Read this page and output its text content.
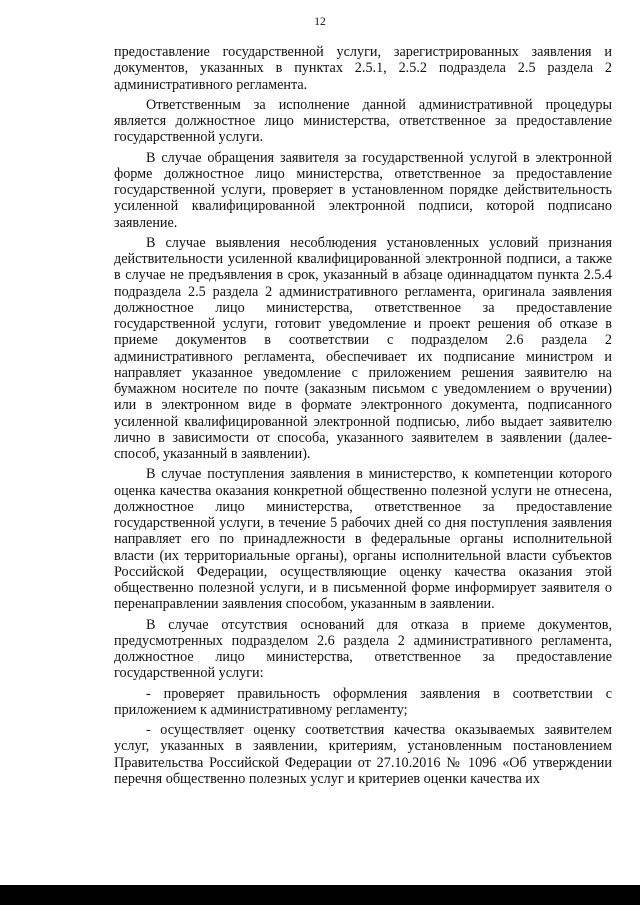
12

предоставление государственной услуги, зарегистрированных заявления и документов, указанных в пунктах 2.5.1, 2.5.2 подраздела 2.5 раздела 2 административного регламента.

Ответственным за исполнение данной административной процедуры является должностное лицо министерства, ответственное за предоставление государственной услуги.

В случае обращения заявителя за государственной услугой в электронной форме должностное лицо министерства, ответственное за предоставление государственной услуги, проверяет в установленном порядке действительность усиленной квалифицированной электронной подписи, которой подписано заявление.

В случае выявления несоблюдения установленных условий признания действительности усиленной квалифицированной электронной подписи, а также в случае не предъявления в срок, указанный в абзаце одиннадцатом пункта 2.5.4 подраздела 2.5 раздела 2 административного регламента, оригинала заявления должностное лицо министерства, ответственное за предоставление государственной услуги, готовит уведомление и проект решения об отказе в приеме документов в соответствии с подразделом 2.6 раздела 2 административного регламента, обеспечивает их подписание министром и направляет указанное уведомление с приложением решения заявителю на бумажном носителе по почте (заказным письмом с уведомлением о вручении) или в электронном виде в формате электронного документа, подписанного усиленной квалифицированной электронной подписью, либо выдает заявителю лично в зависимости от способа, указанного заявителем в заявлении (далее-способ, указанный в заявлении).

В случае поступления заявления в министерство, к компетенции которого оценка качества оказания конкретной общественно полезной услуги не отнесена, должностное лицо министерства, ответственное за предоставление государственной услуги, в течение 5 рабочих дней со дня поступления заявления направляет его по принадлежности в федеральные органы исполнительной власти (их территориальные органы), органы исполнительной власти субъектов Российской Федерации, осуществляющие оценку качества оказания этой общественно полезной услуги, и в письменной форме информирует заявителя о перенаправлении заявления способом, указанным в заявлении.

В случае отсутствия оснований для отказа в приеме документов, предусмотренных подразделом 2.6 раздела 2 административного регламента, должностное лицо министерства, ответственное за предоставление государственной услуги:

- проверяет правильность оформления заявления в соответствии с приложением к административному регламенту;

- осуществляет оценку соответствия качества оказываемых заявителем услуг, указанных в заявлении, критериям, установленным постановлением Правительства Российской Федерации от 27.10.2016 № 1096 «Об утверждении перечня общественно полезных услуг и критериев оценки качества их
